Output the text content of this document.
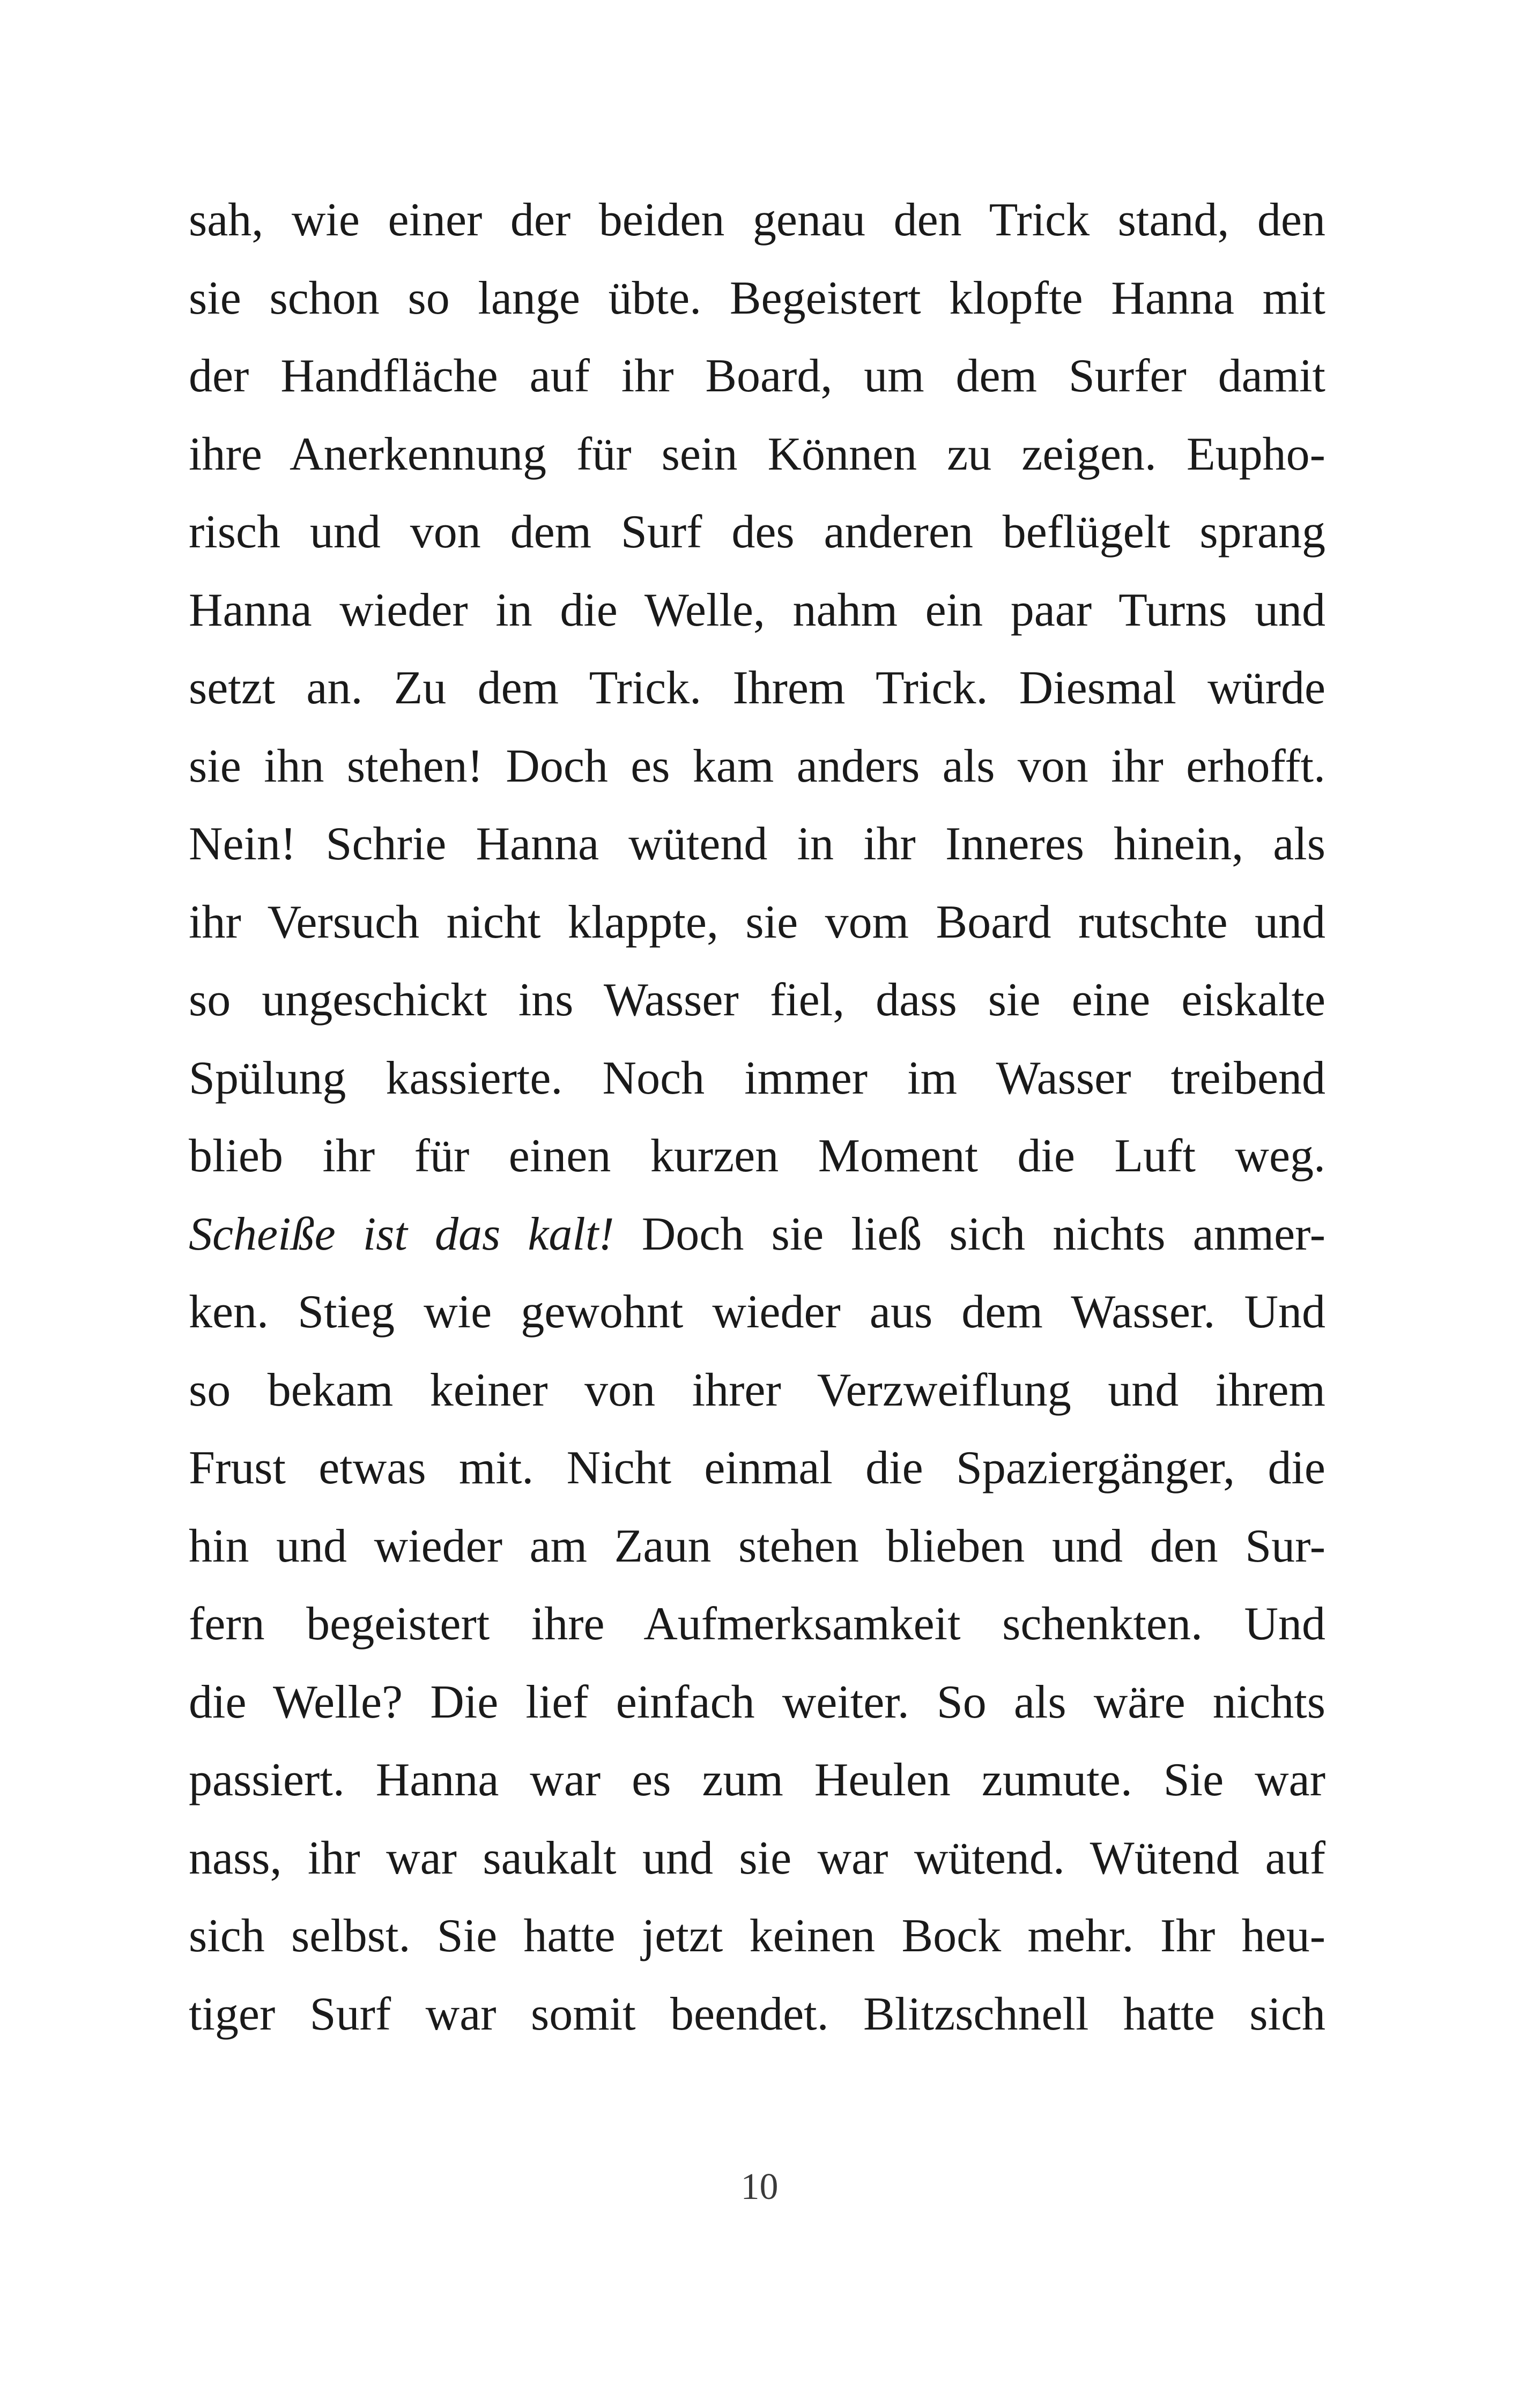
sah, wie einer der beiden genau den Trick stand, den
sie schon so lange übte. Begeistert klopfte Hanna mit
der Handfläche auf ihr Board, um dem Surfer damit
ihre Anerkennung für sein Können zu zeigen. Eupho-
risch und von dem Surf des anderen beflügelt sprang
Hanna wieder in die Welle, nahm ein paar Turns und
setzt an. Zu dem Trick. Ihrem Trick. Diesmal würde
sie ihn stehen! Doch es kam anders als von ihr erhofft.
Nein! Schrie Hanna wütend in ihr Inneres hinein, als
ihr Versuch nicht klappte, sie vom Board rutschte und
so ungeschickt ins Wasser fiel, dass sie eine eiskalte
Spülung kassierte. Noch immer im Wasser treibend
blieb ihr für einen kurzen Moment die Luft weg.
Scheiße ist das kalt! Doch sie ließ sich nichts anmer-
ken. Stieg wie gewohnt wieder aus dem Wasser. Und
so bekam keiner von ihrer Verzweiflung und ihrem
Frust etwas mit. Nicht einmal die Spaziergänger, die
hin und wieder am Zaun stehen blieben und den Sur-
fern begeistert ihre Aufmerksamkeit schenkten. Und
die Welle? Die lief einfach weiter. So als wäre nichts
passiert. Hanna war es zum Heulen zumute. Sie war
nass, ihr war saukalt und sie war wütend. Wütend auf
sich selbst. Sie hatte jetzt keinen Bock mehr. Ihr heu-
tiger Surf war somit beendet. Blitzschnell hatte sich
10
